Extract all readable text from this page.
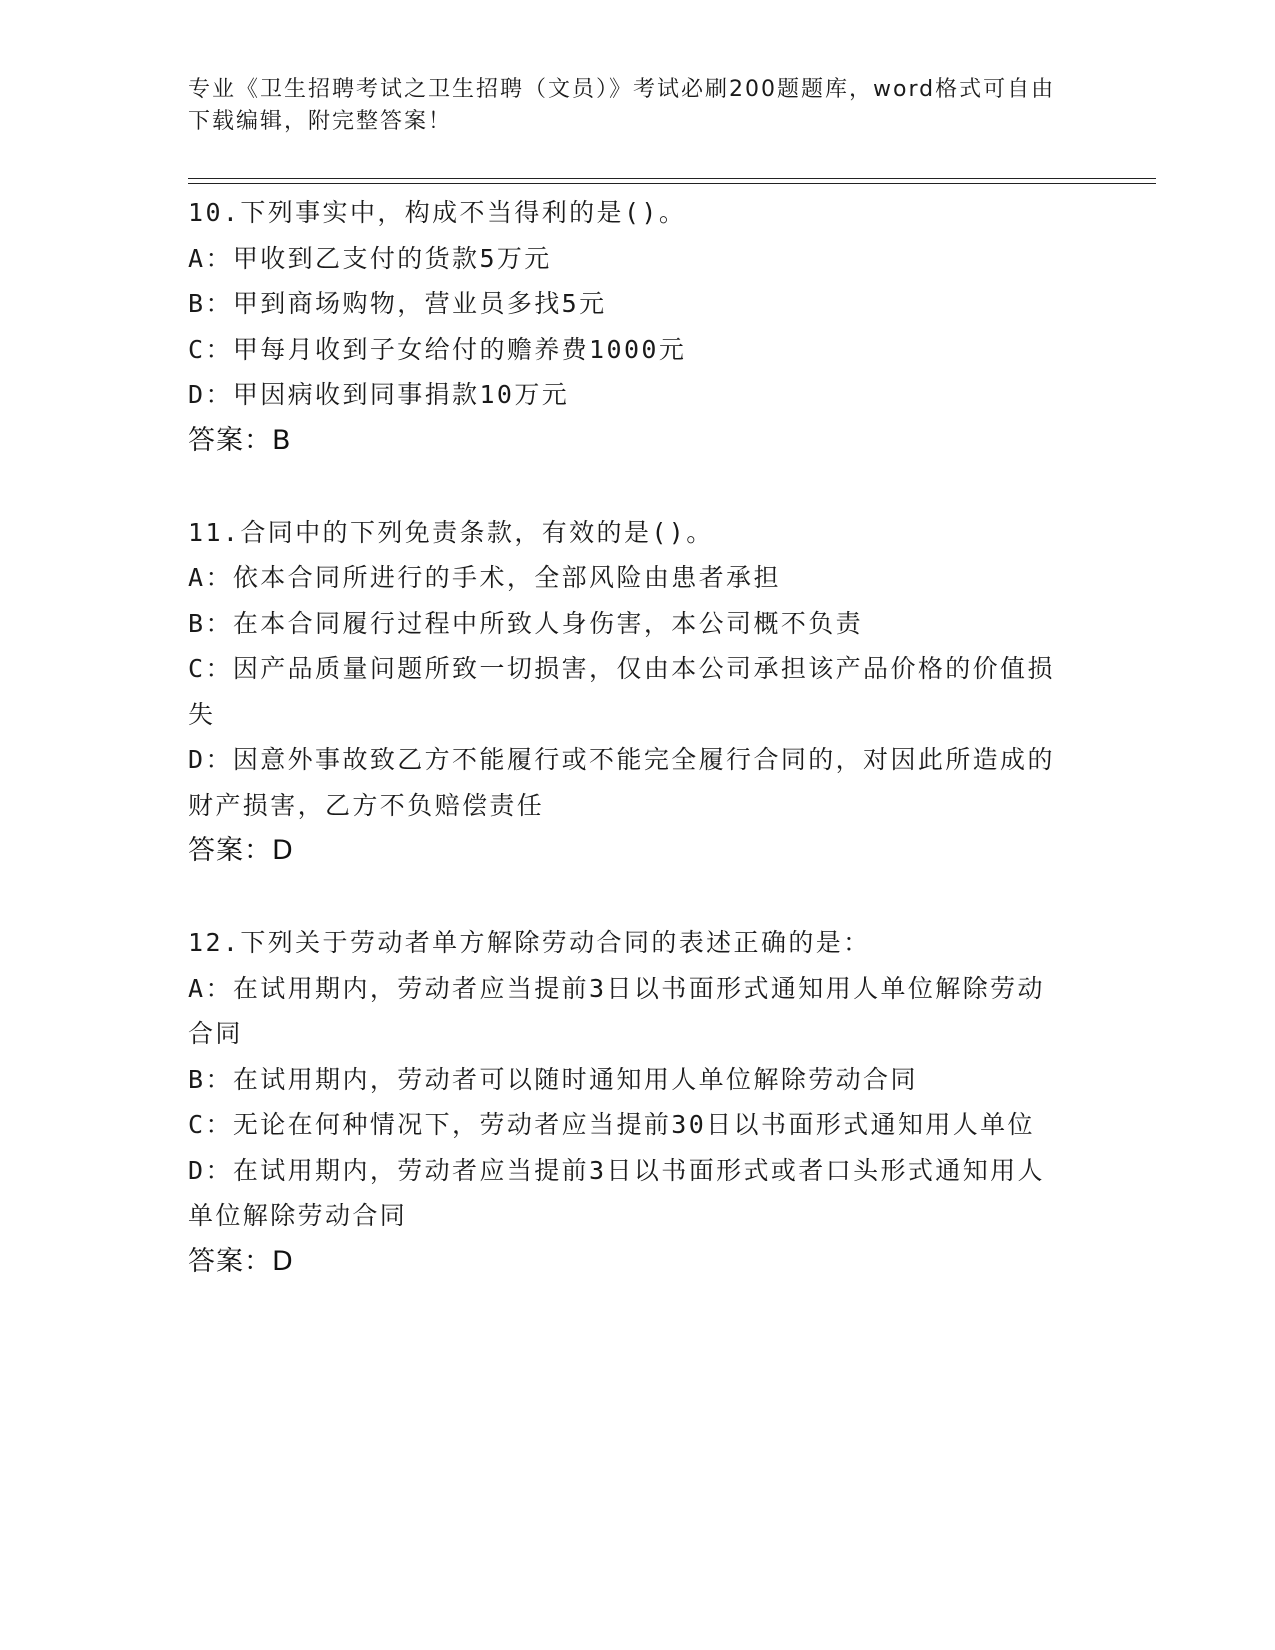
专业《卫生招聘考试之卫生招聘（文员）》考试必刷200题题库，word格式可自由下载编辑，附完整答案！
10.下列事实中，构成不当得利的是()。
A：甲收到乙支付的货款5万元
B：甲到商场购物，营业员多找5元
C：甲每月收到子女给付的赡养费1000元
D：甲因病收到同事捐款10万元
答案：B
11.合同中的下列免责条款，有效的是()。
A：依本合同所进行的手术，全部风险由患者承担
B：在本合同履行过程中所致人身伤害，本公司概不负责
C：因产品质量问题所致一切损害，仅由本公司承担该产品价格的价值损失
D：因意外事故致乙方不能履行或不能完全履行合同的，对因此所造成的财产损害，乙方不负赔偿责任
答案：D
12.下列关于劳动者单方解除劳动合同的表述正确的是：
A：在试用期内，劳动者应当提前3日以书面形式通知用人单位解除劳动合同
B：在试用期内，劳动者可以随时通知用人单位解除劳动合同
C：无论在何种情况下，劳动者应当提前30日以书面形式通知用人单位
D：在试用期内，劳动者应当提前3日以书面形式或者口头形式通知用人单位解除劳动合同
答案：D
